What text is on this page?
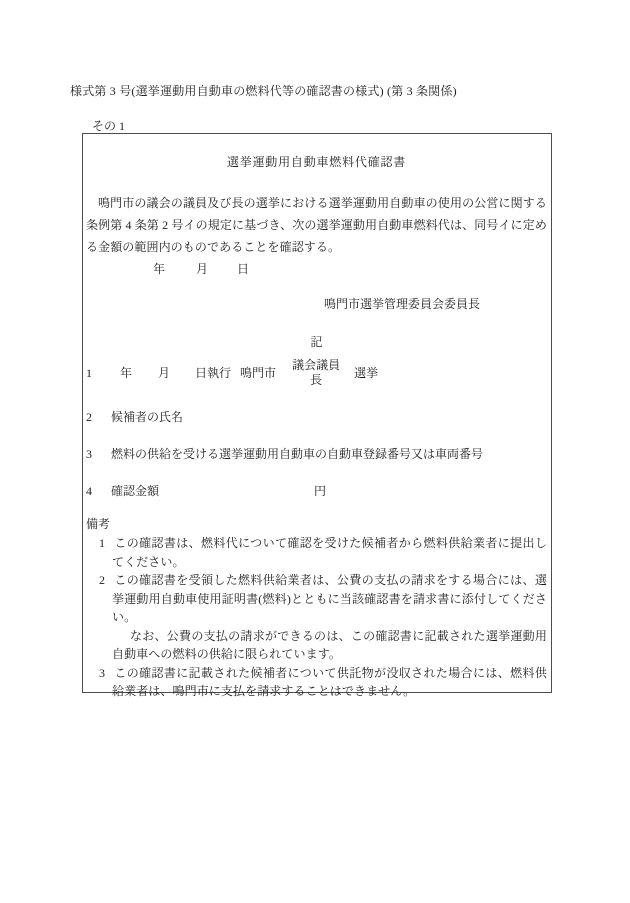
様式第 3 号(選挙運動用自動車の燃料代等の確認書の様式) (第 3 条関係)
その 1
選挙運動用自動車燃料代確認書
鳴門市の議会の議員及び長の選挙における選挙運動用自動車の使用の公営に関する条例第 4 条第 2 号イの規定に基づき、次の選挙運動用自動車燃料代は、同号イに定める金額の範囲内のものであることを確認する。
年	月 日
鳴門市選挙管理委員会委員長
記
1 年 月 日執行 鳴門市
議会議員
長
選挙
2 候補者の氏名
3 燃料の供給を受ける選挙運動用自動車の自動車登録番号又は車両番号
4 確認金額	円
備考
1 この確認書は、燃料代について確認を受けた候補者から燃料供給業者に提出してください。
2 この確認書を受領した燃料供給業者は、公費の支払の請求をする場合には、選挙運動用自動車使用証明書(燃料)とともに当該確認書を請求書に添付してください。
なお、公費の支払の請求ができるのは、この確認書に記載された選挙運動用自動車への燃料の供給に限られています。
3 この確認書に記載された候補者について供託物が没収された場合には、燃料供給業者は、鳴門市に支払を請求することはできません。
